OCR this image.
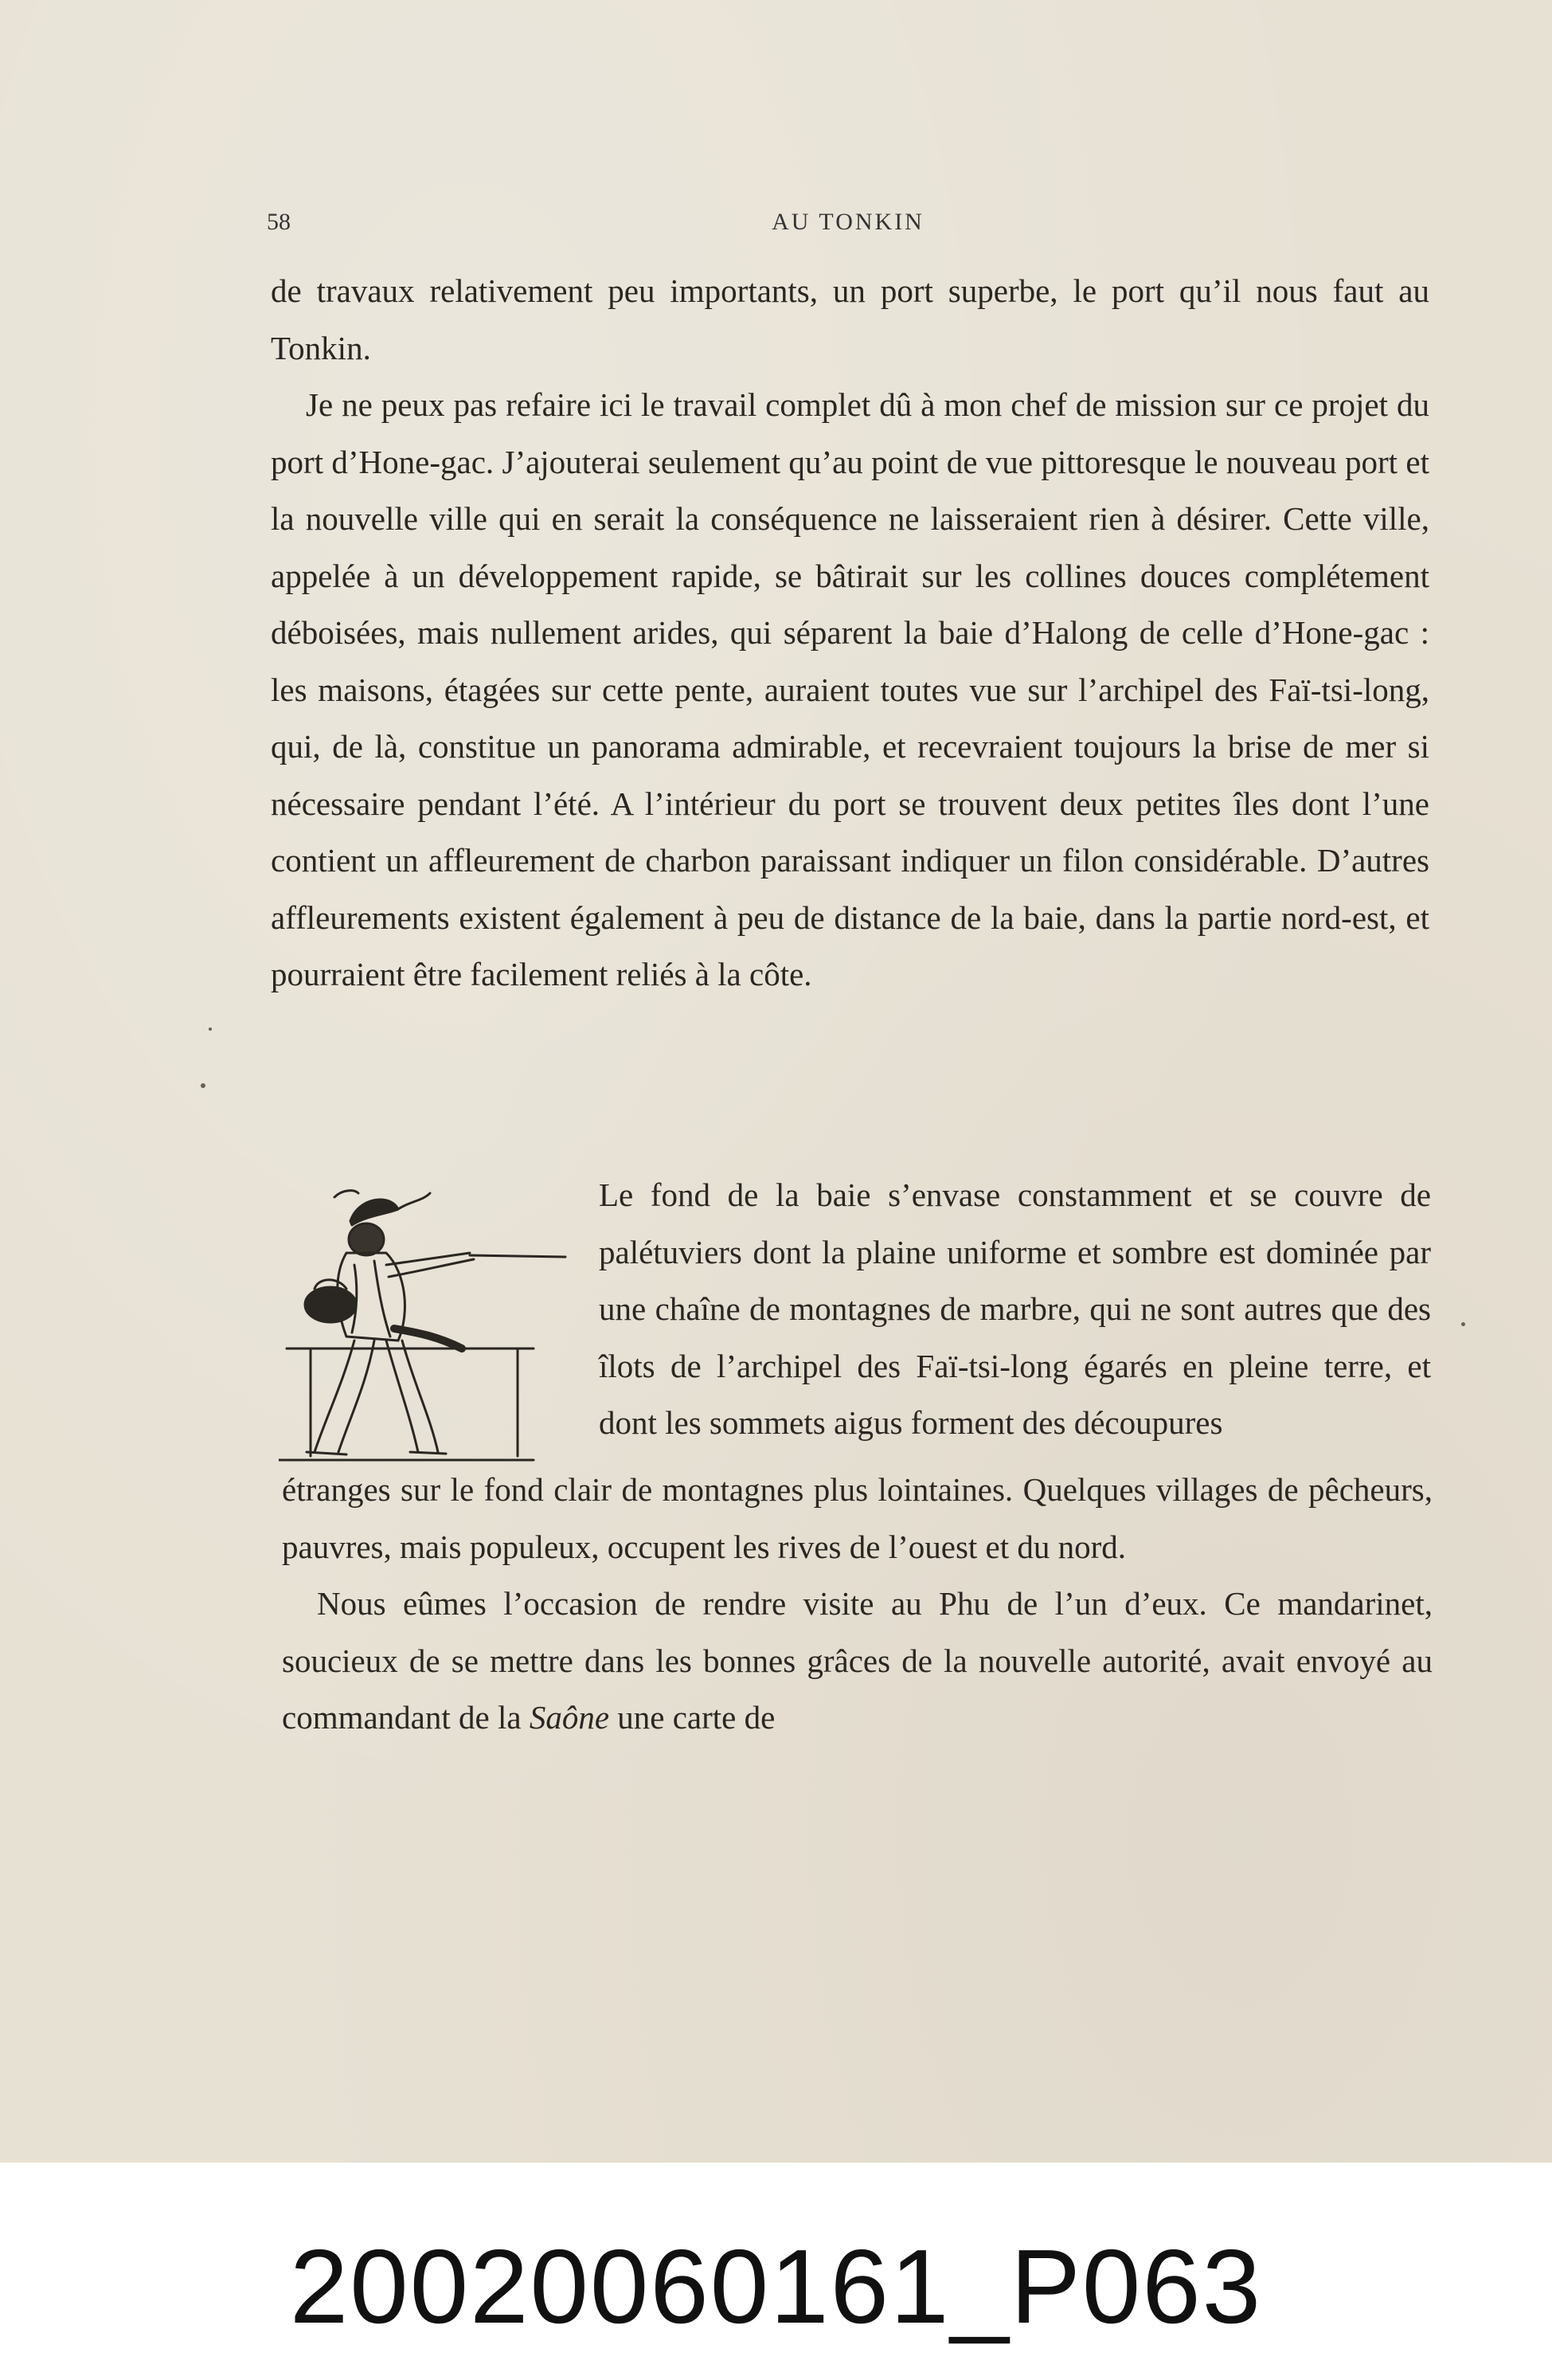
58	AU TONKIN

de travaux relativement peu importants, un port superbe, le port qu’il nous faut au Tonkin.

Je ne peux pas refaire ici le travail complet dû à mon chef de mission sur ce projet du port d’Hone-gac. J’ajouterai seulement qu’au point de vue pittoresque le nouveau port et la nouvelle ville qui en serait la conséquence ne laisseraient rien à désirer. Cette ville, appelée à un développement rapide, se bâtirait sur les collines douces complétement déboisées, mais nullement arides, qui séparent la baie d’Halong de celle d’Hone-gac : les maisons, étagées sur cette pente, auraient toutes vue sur l’archipel des Faï-tsi-long, qui, de là, constitue un panorama admirable, et recevraient toujours la brise de mer si nécessaire pendant l’été. A l’intérieur du port se trouvent deux petites îles dont l’une contient un affleurement de charbon paraissant indiquer un filon considérable. D’autres affleurements existent également à peu de distance de la baie, dans la partie nord-est, et pourraient être facilement reliés à la côte.

Le fond de la baie s’envase constamment et se couvre de palétuviers dont la plaine uniforme et sombre est dominée par une chaîne de montagnes de marbre, qui ne sont autres que des îlots de l’archipel des Faï-tsi-long égarés en pleine terre, et dont les sommets aigus forment des découpures

étranges sur le fond clair de montagnes plus lointaines. Quelques villages de pêcheurs, pauvres, mais populeux, occupent les rives de l’ouest et du nord.

Nous eûmes l’occasion de rendre visite au Phu de l’un d’eux. Ce mandarinet, soucieux de se mettre dans les bonnes grâces de la nouvelle autorité, avait envoyé au commandant de la Saône une carte de

20020060161_P063
